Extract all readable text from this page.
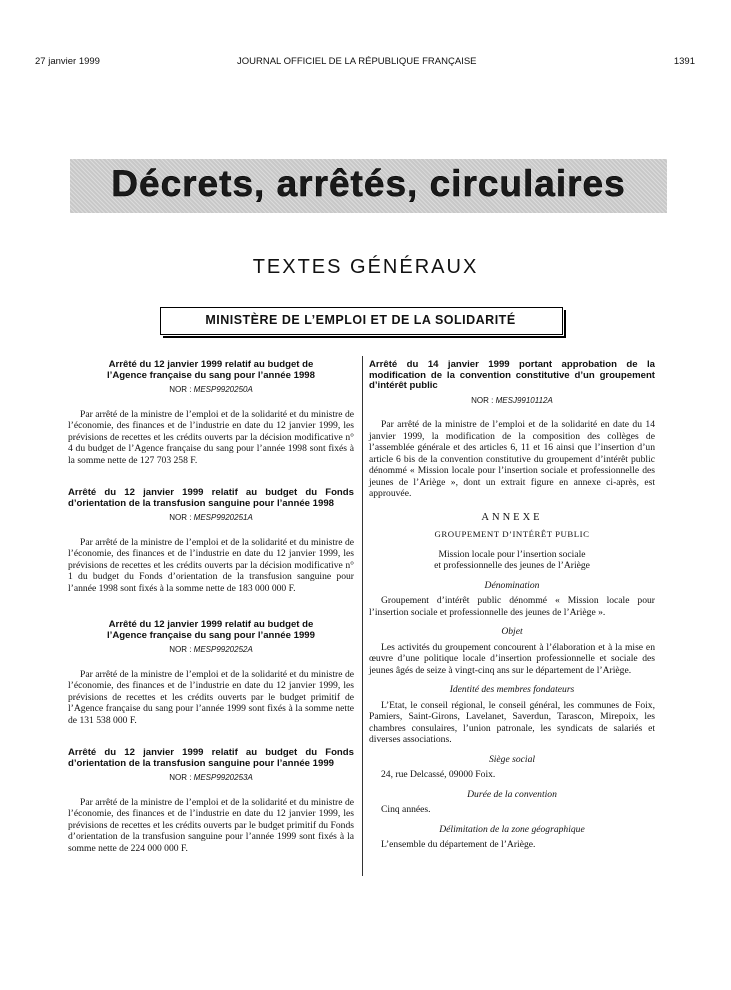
27 janvier 1999	JOURNAL OFFICIEL DE LA RÉPUBLIQUE FRANÇAISE	1391
Décrets, arrêtés, circulaires
TEXTES GÉNÉRAUX
MINISTÈRE DE L’EMPLOI ET DE LA SOLIDARITÉ
Arrêté du 12 janvier 1999 relatif au budget de l’Agence française du sang pour l’année 1998
NOR : MESP9920250A

Par arrêté de la ministre de l’emploi et de la solidarité et du ministre de l’économie, des finances et de l’industrie en date du 12 janvier 1999, les prévisions de recettes et les crédits ouverts par la décision modificative n° 4 du budget de l’Agence française du sang pour l’année 1998 sont fixés à la somme nette de 127 703 258 F.

Arrêté du 12 janvier 1999 relatif au budget du Fonds d’orientation de la transfusion sanguine pour l’année 1998
NOR : MESP9920251A

Par arrêté de la ministre de l’emploi et de la solidarité et du ministre de l’économie, des finances et de l’industrie en date du 12 janvier 1999, les prévisions de recettes et les crédits ouverts par la décision modificative n° 1 du budget du Fonds d’orientation de la transfusion sanguine pour l’année 1998 sont fixés à la somme nette de 183 000 000 F.

Arrêté du 12 janvier 1999 relatif au budget de l’Agence française du sang pour l’année 1999
NOR : MESP9920252A

Par arrêté de la ministre de l’emploi et de la solidarité et du ministre de l’économie, des finances et de l’industrie en date du 12 janvier 1999, les prévisions de recettes et les crédits ouverts par le budget primitif de l’Agence française du sang pour l’année 1999 sont fixés à la somme nette de 131 538 000 F.

Arrêté du 12 janvier 1999 relatif au budget du Fonds d’orientation de la transfusion sanguine pour l’année 1999
NOR : MESP9920253A

Par arrêté de la ministre de l’emploi et de la solidarité et du ministre de l’économie, des finances et de l’industrie en date du 12 janvier 1999, les prévisions de recettes et les crédits ouverts par le budget primitif du Fonds d’orientation de la transfusion sanguine pour l’année 1999 sont fixés à la somme nette de 224 000 000 F.

Arrêté du 14 janvier 1999 portant approbation de la modification de la convention constitutive d’un groupement d’intérêt public
NOR : MESJ9910112A

Par arrêté de la ministre de l’emploi et de la solidarité en date du 14 janvier 1999, la modification de la composition des collèges de l’assemblée générale et des articles 6, 11 et 16 ainsi que l’insertion d’un article 6 bis de la convention constitutive du groupement d’intérêt public dénommé « Mission locale pour l’insertion sociale et professionnelle des jeunes de l’Ariège », dont un extrait figure en annexe ci-après, est approuvée.

ANNEXE
GROUPEMENT D’INTÉRÊT PUBLIC
Mission locale pour l’insertion sociale
et professionnelle des jeunes de l’Ariège
Dénomination

Groupement d’intérêt public dénommé « Mission locale pour l’insertion sociale et professionnelle des jeunes de l’Ariège ».

Objet

Les activités du groupement concourent à l’élaboration et à la mise en œuvre d’une politique locale d’insertion professionnelle et sociale des jeunes âgés de seize à vingt-cinq ans sur le département de l’Ariège.

Identité des membres fondateurs

L’Etat, le conseil régional, le conseil général, les communes de Foix, Pamiers, Saint-Girons, Lavelanet, Saverdun, Tarascon, Mirepoix, les chambres consulaires, l’union patronale, les syndicats de salariés et diverses associations.

Siège social

24, rue Delcassé, 09000 Foix.

Durée de la convention

Cinq années.

Délimitation de la zone géographique

L’ensemble du département de l’Ariège.
